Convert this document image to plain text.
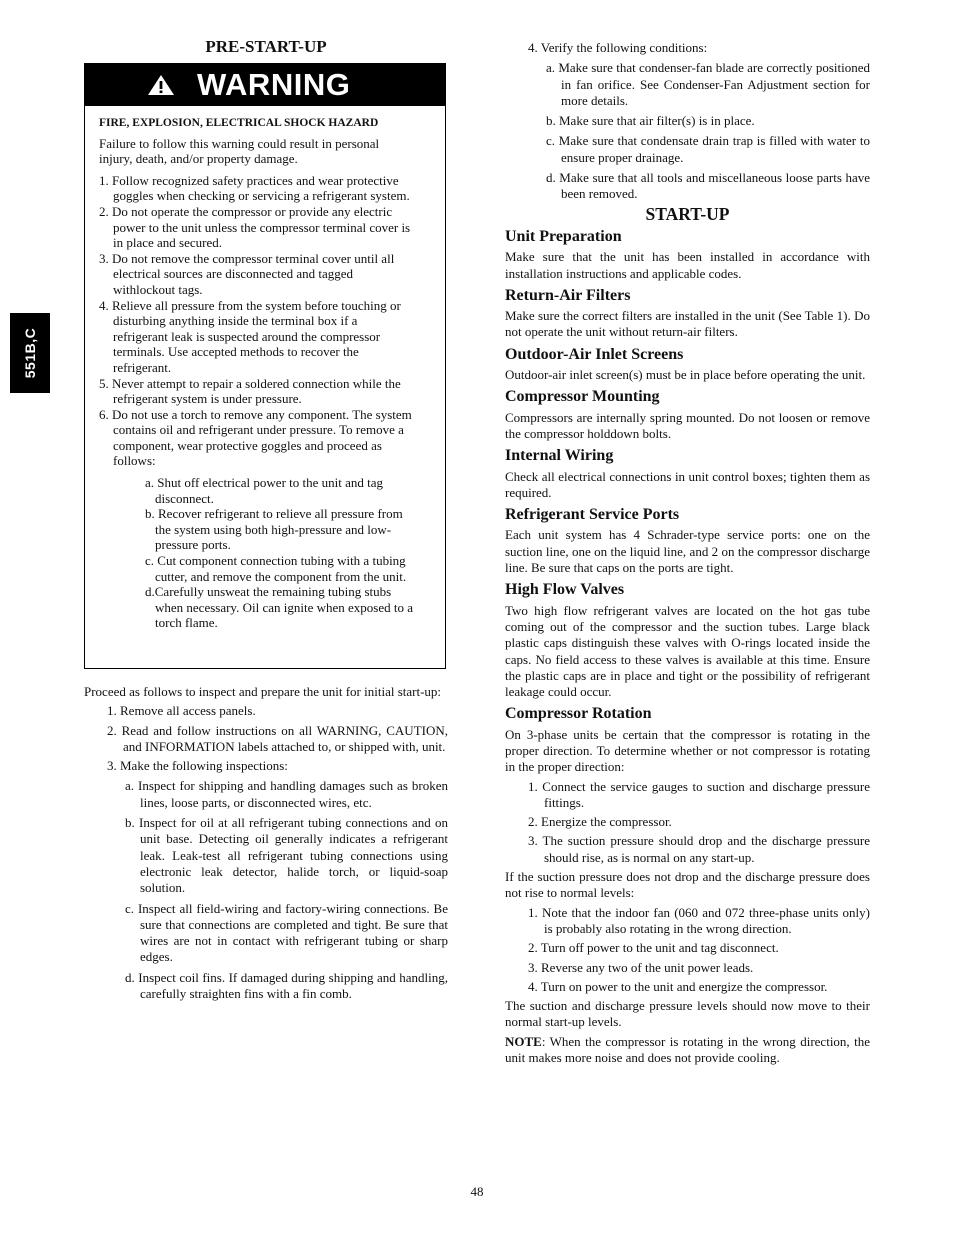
551B,C
PRE-START-UP
WARNING
FIRE, EXPLOSION, ELECTRICAL SHOCK HAZARD
Failure to follow this warning could result in personal injury, death, and/or property damage.
1. Follow recognized safety practices and wear protective goggles when checking or servicing a refrigerant system.
2. Do not operate the compressor or provide any electric power to the unit unless the compressor terminal cover is in place and secured.
3. Do not remove the compressor terminal cover until all electrical sources are disconnected and tagged withlockout tags.
4. Relieve all pressure from the system before touching or disturbing anything inside the terminal box if a refrigerant leak is suspected around the compressor terminals. Use accepted methods to recover the refrigerant.
5. Never attempt to repair a soldered connection while the refrigerant system is under pressure.
6. Do not use a torch to remove any component. The system contains oil and refrigerant under pressure. To remove a component, wear protective goggles and proceed as follows:
a. Shut off electrical power to the unit and tag disconnect.
b. Recover refrigerant to relieve all pressure from the system using both high-pressure and low-pressure ports.
c. Cut component connection tubing with a tubing cutter, and remove the component from the unit.
d.Carefully unsweat the remaining tubing stubs when necessary. Oil can ignite when exposed to a torch flame.

Proceed as follows to inspect and prepare the unit for initial start-up:

1. Remove all access panels.
2. Read and follow instructions on all WARNING, CAUTION, and INFORMATION labels attached to, or shipped with, unit.
3. Make the following inspections:
a. Inspect for shipping and handling damages such as broken lines, loose parts, or disconnected wires, etc.
b. Inspect for oil at all refrigerant tubing connections and on unit base. Detecting oil generally indicates a refrigerant leak. Leak-test all refrigerant tubing connections using electronic leak detector, halide torch, or liquid-soap solution.
c. Inspect all field-wiring and factory-wiring connections. Be sure that connections are completed and tight. Be sure that wires are not in contact with refrigerant tubing or sharp edges.
d. Inspect coil fins. If damaged during shipping and handling, carefully straighten fins with a fin comb.
4. Verify the following conditions:
a. Make sure that condenser-fan blade are correctly positioned in fan orifice. See Condenser-Fan Adjustment section for more details.
b. Make sure that air filter(s) is in place.
c. Make sure that condensate drain trap is filled with water to ensure proper drainage.
d. Make sure that all tools and miscellaneous loose parts have been removed.
START-UP
Unit Preparation

Make sure that the unit has been installed in accordance with installation instructions and applicable codes.

Return-Air Filters

Make sure the correct filters are installed in the unit (See Table 1). Do not operate the unit without return-air filters.

Outdoor-Air Inlet Screens

Outdoor-air inlet screen(s) must be in place before operating the unit.

Compressor Mounting

Compressors are internally spring mounted. Do not loosen or remove the compressor holddown bolts.

Internal Wiring

Check all electrical connections in unit control boxes; tighten them as required.

Refrigerant Service Ports

Each unit system has 4 Schrader-type service ports: one on the suction line, one on the liquid line, and 2 on the compressor discharge line. Be sure that caps on the ports are tight.

High Flow Valves

Two high flow refrigerant valves are located on the hot gas tube coming out of the compressor and the suction tubes. Large black plastic caps distinguish these valves with O-rings located inside the caps. No field access to these valves is available at this time. Ensure the plastic caps are in place and tight or the possibility of refrigerant leakage could occur.

Compressor Rotation

On 3-phase units be certain that the compressor is rotating in the proper direction. To determine whether or not compressor is rotating in the proper direction:

1. Connect the service gauges to suction and discharge pressure fittings.
2. Energize the compressor.
3. The suction pressure should drop and the discharge pressure should rise, as is normal on any start-up.

If the suction pressure does not drop and the discharge pressure does not rise to normal levels:

1. Note that the indoor fan (060 and 072 three-phase units only) is probably also rotating in the wrong direction.
2. Turn off power to the unit and tag disconnect.
3. Reverse any two of the unit power leads.
4. Turn on power to the unit and energize the compressor.

The suction and discharge pressure levels should now move to their normal start-up levels.

NOTE: When the compressor is rotating in the wrong direction, the unit makes more noise and does not provide cooling.

48
